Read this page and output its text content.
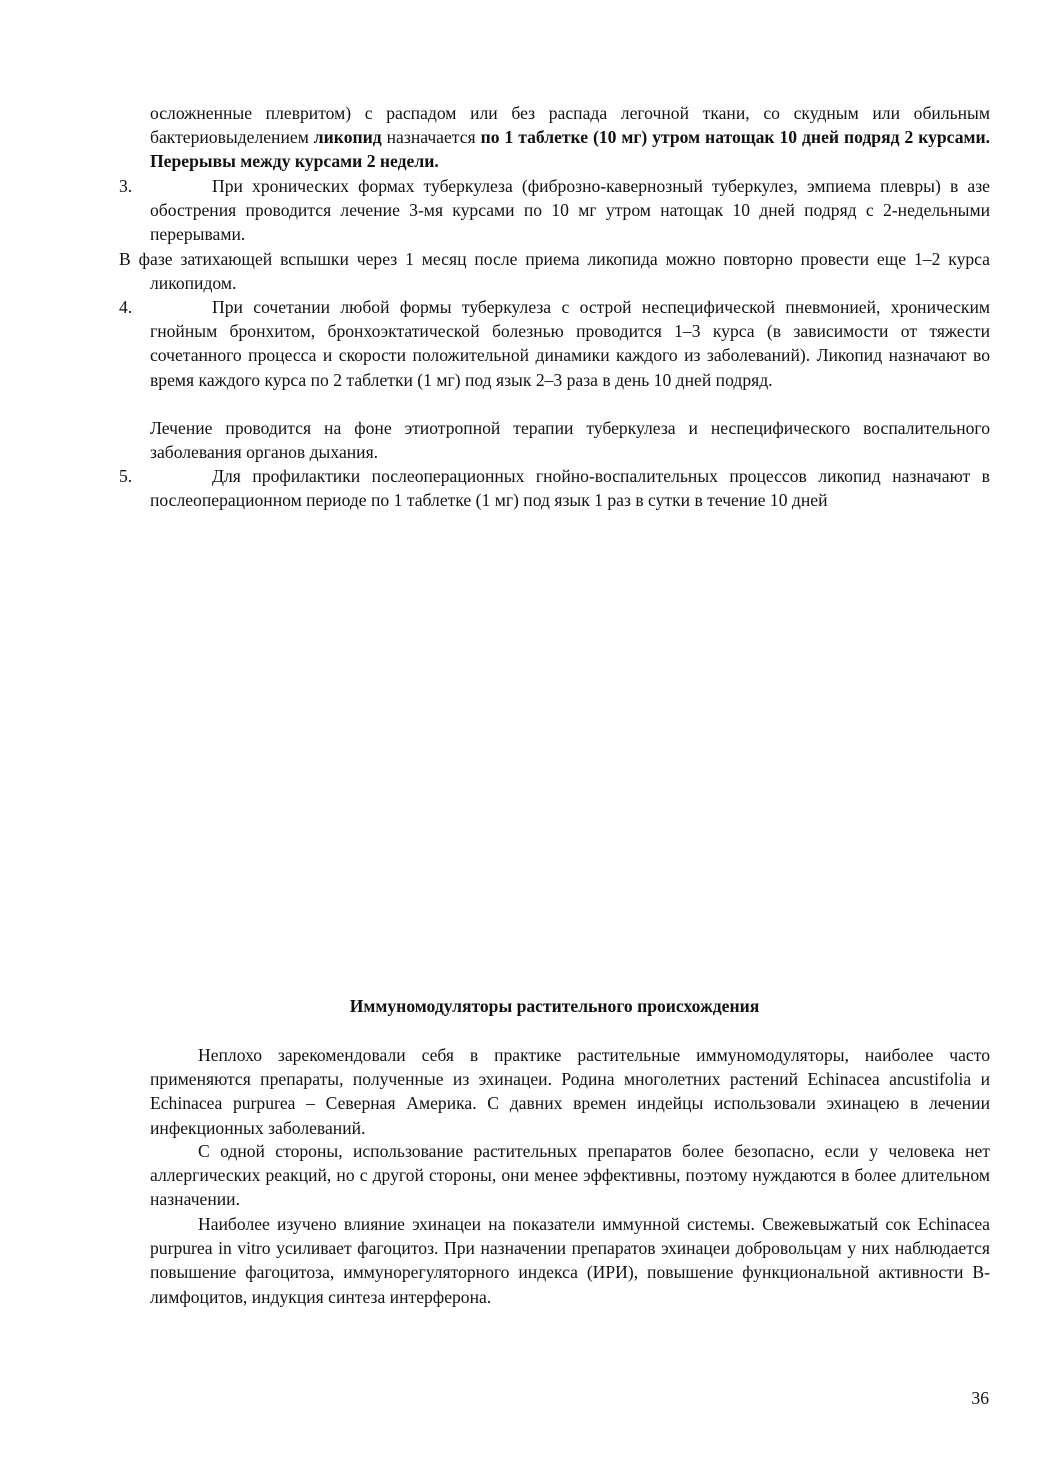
осложненные плевритом) с распадом или без распада легочной ткани, со скудным или обильным бактериовыделением ликопид назначается по 1 таблетке (10 мг) утром натощак 10 дней подряд 2 курсами. Перерывы между курсами 2 недели.
3.	При хронических формах туберкулеза (фиброзно-кавернозный туберкулез, эмпиема плевры) в азе обострения проводится лечение 3-мя курсами по 10 мг утром натощак 10 дней подряд с 2-недельными перерывами.
В фазе затихающей вспышки через 1 месяц после приема ликопида можно повторно провести еще 1–2 курса ликопидом.
4.	При сочетании любой формы туберкулеза с острой неспецифической пневмонией, хроническим гнойным бронхитом, бронхоэктатической болезнью проводится 1–3 курса (в зависимости от тяжести сочетанного процесса и скорости положительной динамики каждого из заболеваний). Ликопид назначают во время каждого курса по 2 таблетки (1 мг) под язык 2–3 раза в день 10 дней подряд.
Лечение проводится на фоне этиотропной терапии туберкулеза и неспецифического воспалительного заболевания органов дыхания.
5.	Для профилактики послеоперационных гнойно-воспалительных процессов ликопид назначают в послеоперационном периоде по 1 таблетке (1 мг) под язык 1 раз в сутки в течение 10 дней
Иммуномодуляторы растительного происхождения
Неплохо зарекомендовали себя в практике растительные иммуномодуляторы, наиболее часто применяются препараты, полученные из эхинацеи. Родина многолетних растений Echinacea ancustifolia и Echinacea purpurea – Северная Америка. С давних времен индейцы использовали эхинацею в лечении инфекционных заболеваний.
С одной стороны, использование растительных препаратов более безопасно, если у человека нет аллергических реакций, но с другой стороны, они менее эффективны, поэтому нуждаются в более длительном назначении.
Наиболее изучено влияние эхинацеи на показатели иммунной системы. Свежевыжатый сок Echinacea purpurea in vitro усиливает фагоцитоз. При назначении препаратов эхинацеи добровольцам у них наблюдается повышение фагоцитоза, иммунорегуляторного индекса (ИРИ), повышение функциональной активности В-лимфоцитов, индукция синтеза интерферона.
36
